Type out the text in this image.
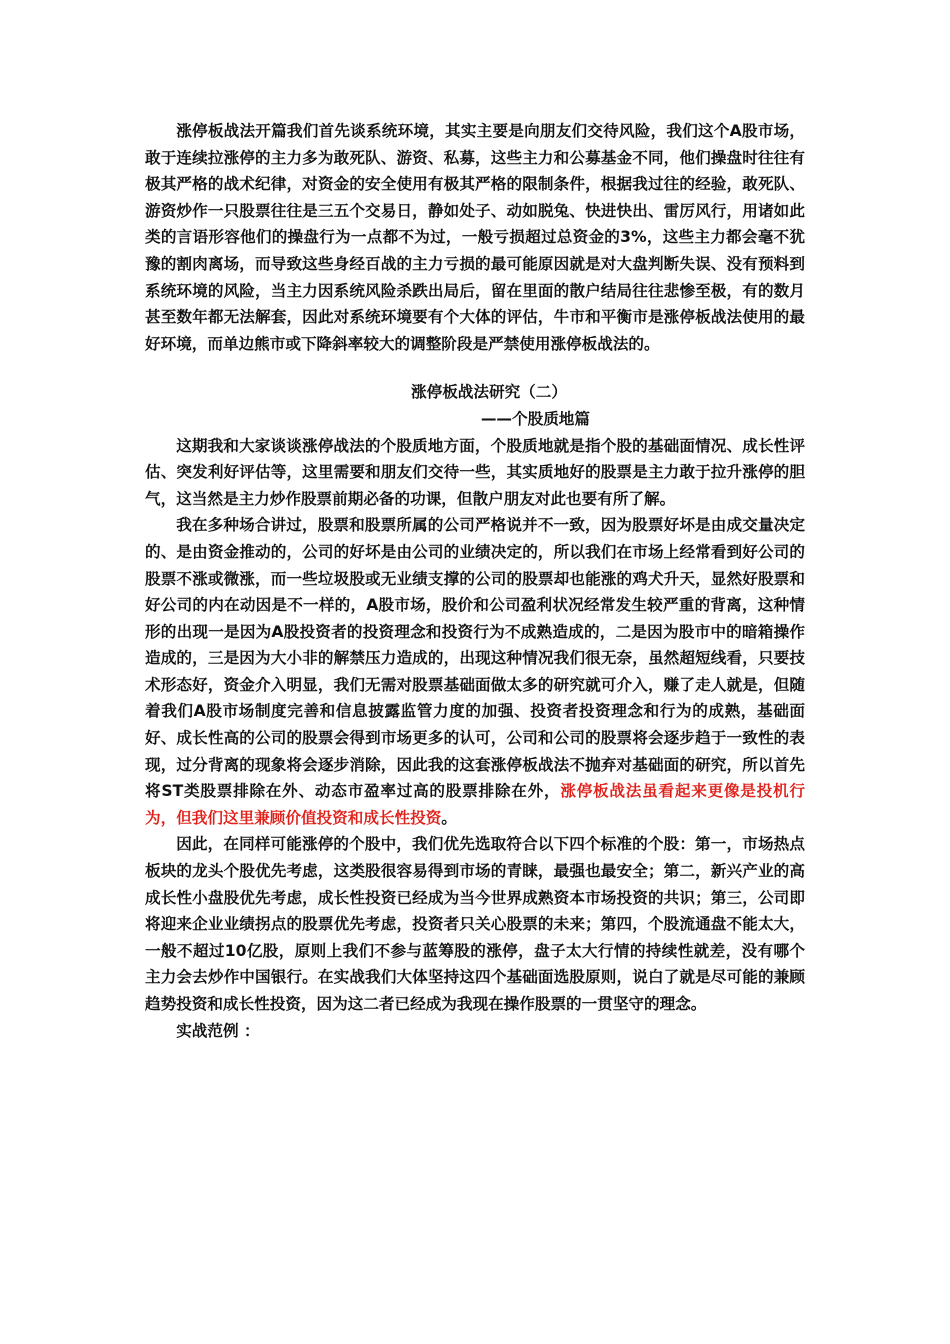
涨停板战法开篇我们首先谈系统环境，其实主要是向朋友们交待风险，我们这个A股市场，敢于连续拉涨停的主力多为敢死队、游资、私募，这些主力和公募基金不同，他们操盘时往往有极其严格的战术纪律，对资金的安全使用有极其严格的限制条件，根据我过往的经验，敢死队、游资炒作一只股票往往是三五个交易日，静如处子、动如脱兔、快进快出、雷厉风行，用诸如此类的言语形容他们的操盘行为一点都不为过，一般亏损超过总资金的3%，这些主力都会毫不犹豫的割肉离场，而导致这些身经百战的主力亏损的最可能原因就是对大盘判断失误、没有预料到系统环境的风险，当主力因系统风险杀跌出局后，留在里面的散户结局往往悲惨至极，有的数月甚至数年都无法解套，因此对系统环境要有个大体的评估，牛市和平衡市是涨停板战法使用的最好环境，而单边熊市或下降斜率较大的调整阶段是严禁使用涨停板战法的。

涨停板战法研究（二）

——个股质地篇

这期我和大家谈谈涨停战法的个股质地方面，个股质地就是指个股的基础面情况、成长性评估、突发利好评估等，这里需要和朋友们交待一些，其实质地好的股票是主力敢于拉升涨停的胆气，这当然是主力炒作股票前期必备的功课，但散户朋友对此也要有所了解。

我在多种场合讲过，股票和股票所属的公司严格说并不一致，因为股票好坏是由成交量决定的、是由资金推动的，公司的好坏是由公司的业绩决定的，所以我们在市场上经常看到好公司的股票不涨或微涨，而一些垃圾股或无业绩支撑的公司的股票却也能涨的鸡犬升天，显然好股票和好公司的内在动因是不一样的，A股市场，股价和公司盈利状况经常发生较严重的背离，这种情形的出现一是因为A股投资者的投资理念和投资行为不成熟造成的，二是因为股市中的暗箱操作造成的，三是因为大小非的解禁压力造成的，出现这种情况我们很无奈，虽然超短线看，只要技术形态好，资金介入明显，我们无需对股票基础面做太多的研究就可介入，赚了走人就是，但随着我们A股市场制度完善和信息披露监管力度的加强、投资者投资理念和行为的成熟，基础面好、成长性高的公司的股票会得到市场更多的认可，公司和公司的股票将会逐步趋于一致性的表现，过分背离的现象将会逐步消除，因此我的这套涨停板战法不抛弃对基础面的研究，所以首先将ST类股票排除在外、动态市盈率过高的股票排除在外，涨停板战法虽看起来更像是投机行为，但我们这里兼顾价值投资和成长性投资。

因此，在同样可能涨停的个股中，我们优先选取符合以下四个标准的个股：第一，市场热点板块的龙头个股优先考虑，这类股很容易得到市场的青睐，最强也最安全；第二，新兴产业的高成长性小盘股优先考虑，成长性投资已经成为当今世界成熟资本市场投资的共识；第三，公司即将迎来企业业绩拐点的股票优先考虑，投资者只关心股票的未来；第四，个股流通盘不能太大，一般不超过10亿股，原则上我们不参与蓝筹股的涨停，盘子太大行情的持续性就差，没有哪个主力会去炒作中国银行。在实战我们大体坚持这四个基础面选股原则，说白了就是尽可能的兼顾趋势投资和成长性投资，因为这二者已经成为我现在操作股票的一贯坚守的理念。

实战范例 ：
